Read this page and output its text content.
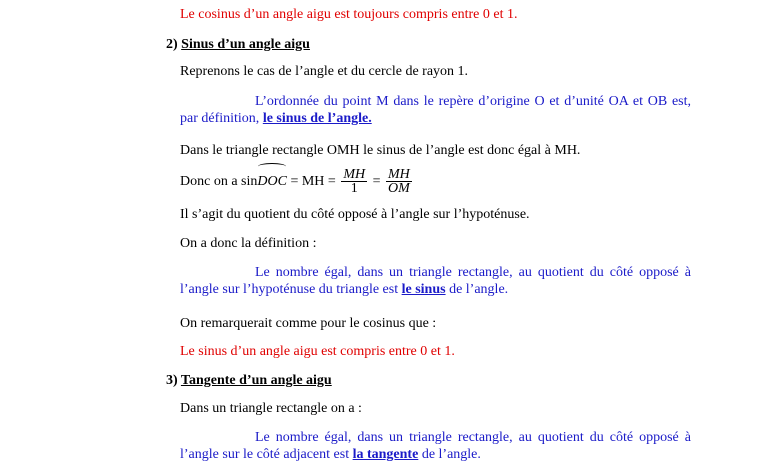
Le cosinus d’un angle aigu est toujours compris entre 0 et 1.
2) Sinus d’un angle aigu
Reprenons le cas de l’angle et du cercle de rayon 1.
L’ordonnée du point M dans le repère d’origine O et d’unité OA et OB est, par définition, le sinus de l’angle.
Dans le triangle rectangle OMH le sinus de l’angle est donc égal à MH.
Donc on a sinDOC = MH = $\frac{MH}{1} = \frac{MH}{OM}$
Il s’agit du quotient du côté opposé à l’angle sur l’hypoténuse.
On a donc la définition :
Le nombre égal, dans un triangle rectangle, au quotient du côté opposé à l’angle sur l’hypoténuse du triangle est le sinus de l’angle.
On remarquerait comme pour le cosinus que :
Le sinus d’un angle aigu est compris entre 0 et 1.
3) Tangente d’un angle aigu
Dans un triangle rectangle on a :
Le nombre égal, dans un triangle rectangle, au quotient du côté opposé à l’angle sur le côté adjacent est la tangente de l’angle.
